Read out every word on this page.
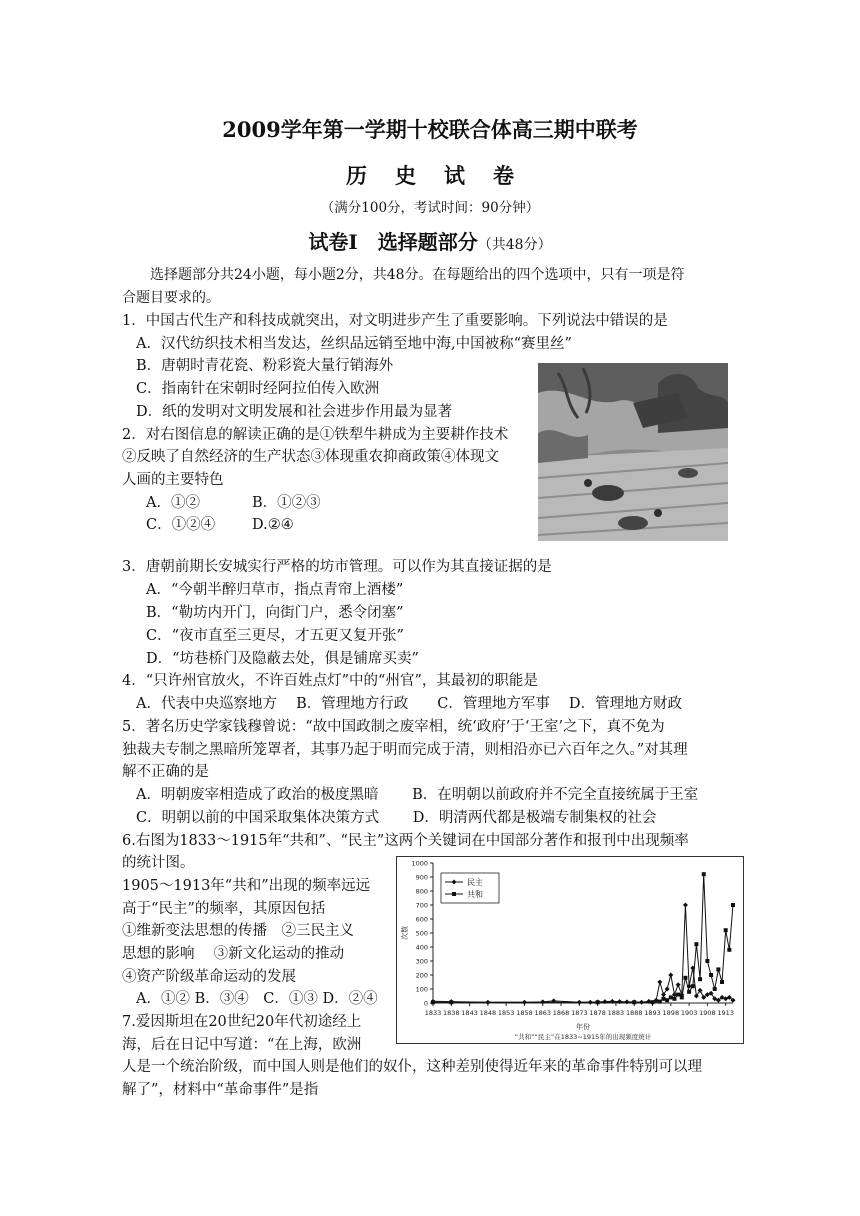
2009学年第一学期十校联合体高三期中联考
历史试卷
（满分100分，考试时间：90分钟）
试卷Ⅰ　选择题部分（共48分）
选择题部分共24小题，每小题2分，共48分。在每题给出的四个选项中，只有一项是符
合题目要求的。
1．中国古代生产和科技成就突出，对文明进步产生了重要影响。下列说法中错误的是
A．汉代纺织技术相当发达，丝织品远销至地中海,中国被称“赛里丝”
B．唐朝时青花瓷、粉彩瓷大量行销海外
C．指南针在宋朝时经阿拉伯传入欧洲
D．纸的发明对文明发展和社会进步作用最为显著
2．对右图信息的解读正确的是①铁犁牛耕成为主要耕作技术
②反映了自然经济的生产状态③体现重农抑商政策④体现文
人画的主要特色
A．①②	B．①②③
C．①②④	D.②④
3．唐朝前期长安城实行严格的坊市管理。可以作为其直接证据的是
A．“今朝半醉归草市，指点青帘上酒楼”
B．“勒坊内开门，向街门户，悉令闭塞”
C．“夜市直至三更尽，才五更又复开张”
D．“坊巷桥门及隐蔽去处，俱是铺席买卖”
4．“只许州官放火，不许百姓点灯”中的“州官”，其最初的职能是
A．代表中央巡察地方　 B．管理地方行政　　C．管理地方军事　 D．管理地方财政
5．著名历史学家钱穆曾说：“故中国政制之废宰相，统‘政府’于‘王室’之下，真不免为
独裁夫专制之黑暗所笼罩者，其事乃起于明而完成于清，则相沿亦已六百年之久。”对其理
解不正确的是
A．明朝废宰相造成了政治的极度黑暗　　 B．在明朝以前政府并不完全直接统属于王室
C．明朝以前的中国采取集体决策方式　　 D．明清两代都是极端专制集权的社会
6.右图为1833～1915年“共和”、“民主”这两个关键词在中国部分著作和报刊中出现频率
的统计图。
1905～1913年“共和”出现的频率远远
高于“民主”的频率，其原因包括
①维新变法思想的传播　②三民主义
思想的影响　 ③新文化运动的推动
④资产阶级革命运动的发展
A．①② B．③④　C．①③ D．②④
7.爱因斯坦在20世纪20年代初途经上
海，后在日记中写道：“在上海，欧洲
人是一个统治阶级，而中国人则是他们的奴仆，这种差别使得近年来的革命事件特别可以理
解了”，材料中“革命事件”是指
0
100
200
300
400
500
600
700
800
900
1000
1833 1838 1843 1848 1853 1858 1863 1868 1873 1878 1883 1888 1893 1898 1903 1908 1913
次数
年份
“共和”“民主”在1833~1915年的出现频度统计
民主
共和
